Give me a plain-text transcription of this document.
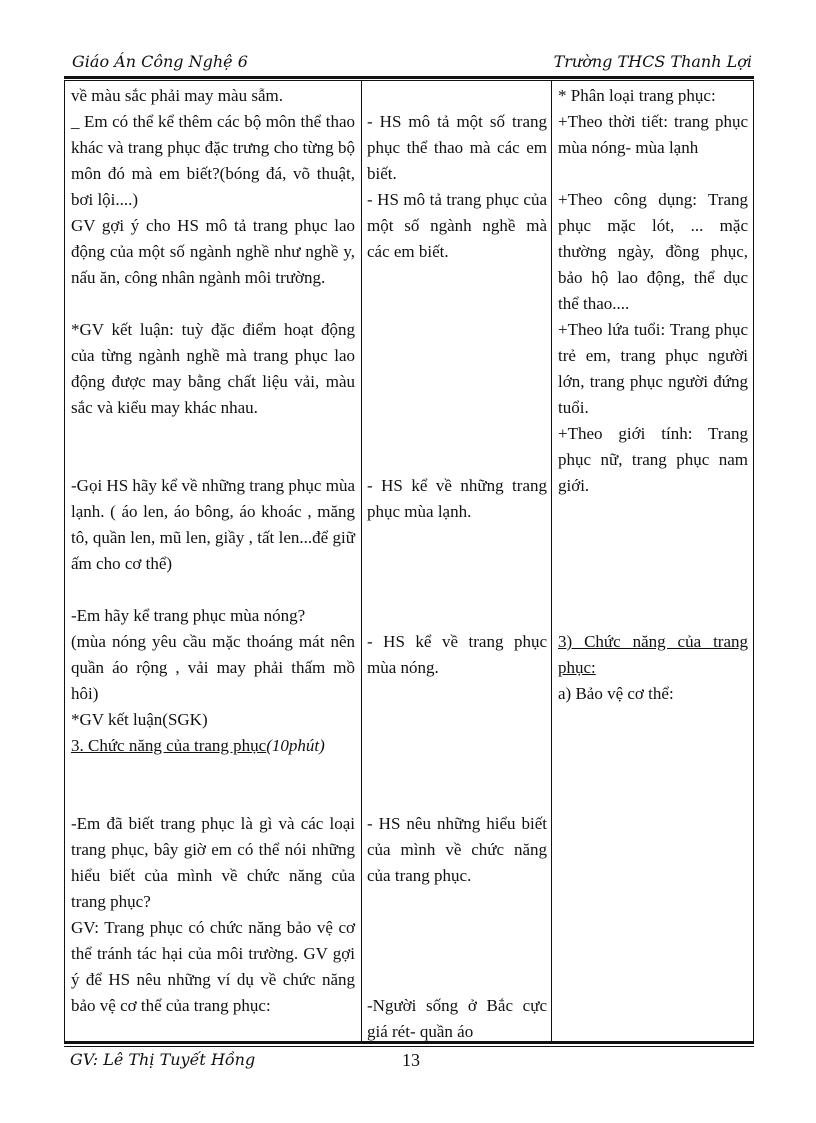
Giáo Án Công Nghệ 6	Trường THCS Thanh Lợi
về màu sắc phải may màu sẫm.
_ Em có thể kể thêm các bộ môn thể thao khác và trang phục đặc trưng cho từng bộ môn đó mà em biết?(bóng đá, võ thuật, bơi lội....)
GV gợi ý cho HS mô tả trang phục lao động của một số ngành nghề như nghề y, nấu ăn, công nhân ngành môi trường.
*GV kết luận: tuỳ đặc điểm hoạt động của từng ngành nghề mà trang phục lao động được may bằng chất liệu vải, màu sắc và kiểu may khác nhau.
-Gọi HS hãy kể về những trang phục mùa lạnh. ( áo len, áo bông, áo khoác , măng tô, quần len, mũ len, giầy , tất len...để giữ ấm cho cơ thể)
-Em hãy kể trang phục mùa nóng?
(mùa nóng yêu cầu mặc thoáng mát nên quần áo rộng , vải may phải thấm mồ hôi)
*GV kết luận(SGK)
3. Chức năng của trang phục(10phút)
-Em đã biết trang phục là gì và các loại trang phục, bây giờ em có thể nói những hiểu biết của mình về chức năng của trang phục?
GV: Trang phục có chức năng bảo vệ cơ thể tránh tác hại của môi trường. GV gợi ý để HS nêu những ví dụ về chức năng bảo vệ cơ thể của trang phục:
- HS mô tả một số trang phục thể thao mà các em biết.
- HS mô tả trang phục của một số ngành nghề mà các em biết.
- HS kể về những trang phục mùa lạnh.
- HS kể về trang phục mùa nóng.
- HS nêu những hiểu biết của mình về chức năng của trang phục.
-Người sống ở Bắc cực giá rét- quần áo
* Phân loại trang phục:
+Theo thời tiết: trang phục mùa nóng- mùa lạnh
+Theo công dụng: Trang phục mặc lót, ... mặc thường ngày, đồng phục, bảo hộ lao động, thể dục thể thao....
+Theo lứa tuổi: Trang phục trẻ em, trang phục người lớn, trang phục người đứng tuổi.
+Theo giới tính: Trang phục nữ, trang phục nam giới.
3) Chức năng của trang phục:
a) Bảo vệ cơ thể:
GV: Lê Thị Tuyết Hồng	13
